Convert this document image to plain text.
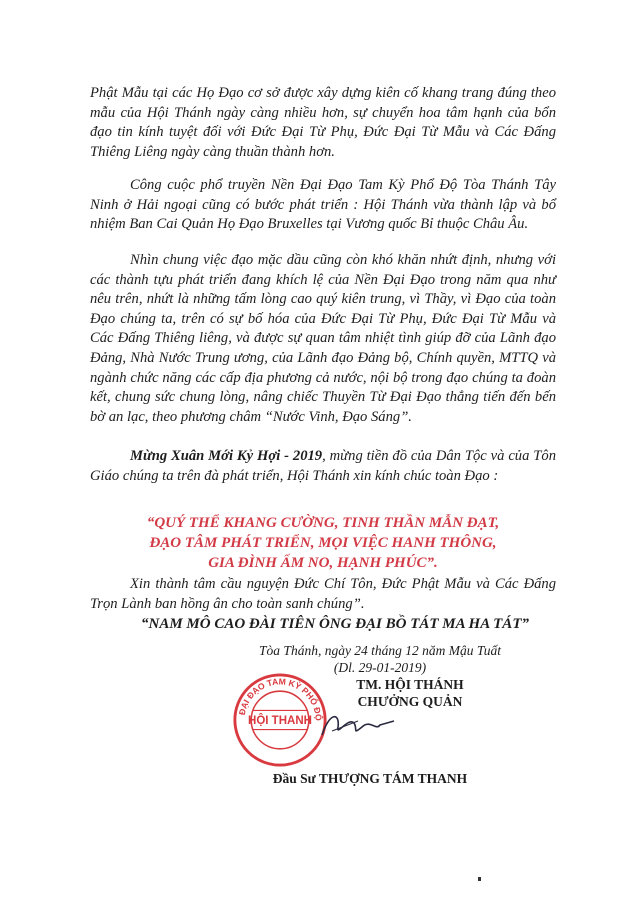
Phật Mẫu tại các Họ Đạo cơ sở được xây dựng kiên cố khang trang đúng theo mẫu của Hội Thánh ngày càng nhiều hơn, sự chuyển hoa tâm hạnh của bổn đạo tin kính tuyệt đối với Đức Đại Từ Phụ, Đức Đại Từ Mẫu và Các Đấng Thiêng Liêng ngày càng thuần thành hơn.

Công cuộc phổ truyền Nền Đại Đạo Tam Kỳ Phổ Độ Tòa Thánh Tây Ninh ở Hải ngoại cũng có bước phát triển : Hội Thánh vừa thành lập và bổ nhiệm Ban Cai Quản Họ Đạo Bruxelles tại Vương quốc Bỉ thuộc Châu Âu.

Nhìn chung việc đạo mặc dầu cũng còn khó khăn nhứt định, nhưng với các thành tựu phát triển đang khích lệ của Nền Đại Đạo trong năm qua như nêu trên, nhứt là những tấm lòng cao quý kiên trung, vì Thầy, vì Đạo của toàn Đạo chúng ta, trên có sự bố hóa của Đức Đại Từ Phụ, Đức Đại Từ Mẫu và Các Đấng Thiêng liêng, và được sự quan tâm nhiệt tình giúp đỡ của Lãnh đạo Đảng, Nhà Nước Trung ương, của Lãnh đạo Đảng bộ, Chính quyền, MTTQ và ngành chức năng các cấp địa phương cả nước, nội bộ trong đạo chúng ta đoàn kết, chung sức chung lòng, nâng chiếc Thuyền Từ Đại Đạo thẳng tiến đến bến bờ an lạc, theo phương châm “Nước Vinh, Đạo Sáng”.

Mừng Xuân Mới Kỷ Hợi - 2019, mừng tiền đồ của Dân Tộc và của Tôn Giáo chúng ta trên đà phát triển, Hội Thánh xin kính chúc toàn Đạo :

“QUÝ THỂ KHANG CƯỜNG, TINH THẦN MẪN ĐẠT,
ĐẠO TÂM PHÁT TRIỂN, MỌI VIỆC HANH THÔNG,
GIA ĐÌNH ẤM NO, HẠNH PHÚC”.

Xin thành tâm cầu nguyện Đức Chí Tôn, Đức Phật Mẫu và Các Đấng Trọn Lành ban hồng ân cho toàn sanh chúng”.

“NAM MÔ CAO ĐÀI TIÊN ÔNG ĐẠI BỒ TÁT MA HA TÁT”
Tòa Thánh, ngày 24 tháng 12 năm Mậu Tuất
(Dl. 29-01-2019)
TM. HỘI THÁNH
CHƯỞNG QUẢN
ĐẠI ĐẠO TAM KỲ PHỔ ĐỘ
HỘI THANH
Đầu Sư THƯỢNG TÁM THANH
